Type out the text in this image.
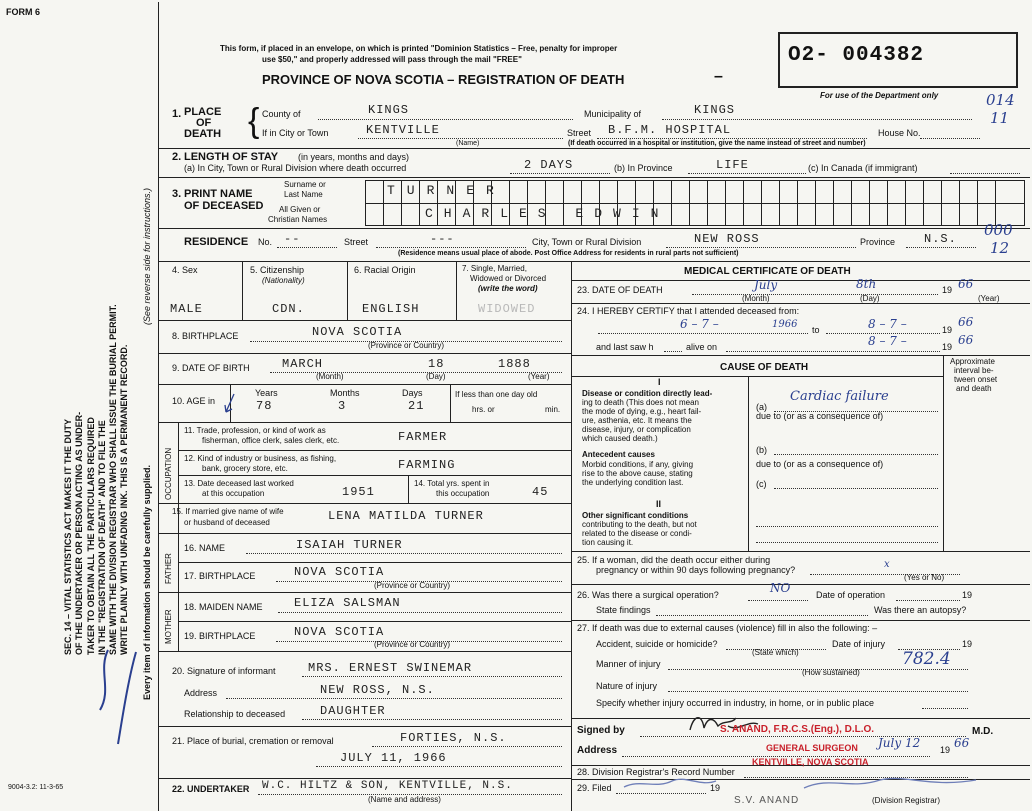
O2- 004382
FORM 6
SEC. 14 – VITAL STATISTICS ACT MAKES IT THE DUTY OF THE UNDERTAKER OR PERSON ACTING AS UNDER- TAKER TO OBTAIN ALL THE PARTICULARS REQUIRED IN THE "REGISTRATION OF DEATH" AND TO FILE THE SAME WITH THE DIVISION REGISTRAR WHO SHALL ISSUE THE BURIAL PERMIT. WRITE PLAINLY WITH UNFADING INK. THIS IS A PERMANENT RECORD.
(See reverse side for instructions.)
Every item of information should be carefully supplied.
9004-3.2: 11-3-65
This form, if placed in an envelope, on which is printed "Dominion Statistics – Free, penalty for improper
use $50," and properly addressed will pass through the mail "FREE"
PROVINCE OF NOVA SCOTIA – REGISTRATION OF DEATH
For use of the Department only	014
11
000
12
1. PLACE
OF
DEATH { County of	KINGS	Municipality of	KINGS
If in City or Town	KENTVILLE
(Name)
Street B.F.M. HOSPITAL	House No.
(If death occurred in a hospital or institution, give the name instead of street and number)
2. LENGTH OF STAY (in years, months and days)
(a) In City, Town or Rural Division where death occurred	2 DAYS	(b) In Province	LIFE	(c) In Canada (if immigrant)
3. PRINT NAME
OF DECEASED
Surname or
Last Name
All Given or
Christian Names
TURNER
CHARLES EDWIN
RESIDENCE No. --	Street	---	City, Town or Rural Division	NEW ROSS	Province N.S.
(Residence means usual place of abode. Post Office Address for residents in rural parts not sufficient)
4. Sex
MALE
5. Citizenship
(Nationality)
CDN.
6. Racial Origin
ENGLISH
7. Single, Married,
Widowed or Divorced
(write the word)
WIDOWED
8. BIRTHPLACE	NOVA SCOTIA
(Province or Country)
9. DATE OF BIRTH	MARCH	18	1888
(Month)	(Day)	(Year)
10. AGE in
Years	Months	Days
78	3	21
If less than one day old
hrs. or	min.
OCCUPATION
11. Trade, profession, or kind of work as
fisherman, office clerk, sales clerk, etc.	FARMER
12. Kind of industry or business, as fishing,
bank, grocery store, etc.	FARMING
13. Date deceased last worked
at this occupation	1951
14. Total yrs. spent in
this occupation	45
15. If married give name of wife
or husband of deceased	LENA MATILDA TURNER
FATHER
16. NAME	ISAIAH TURNER
17. BIRTHPLACE	NOVA SCOTIA
(Province or Country)
MOTHER
18. MAIDEN NAME	ELIZA SALSMAN
19. BIRTHPLACE	NOVA SCOTIA
(Province or Country)
20. Signature of informant	MRS. ERNEST SWINEMAR
Address	NEW ROSS, N.S.
Relationship to deceased	DAUGHTER
21. Place of burial, cremation or removal	FORTIES, N.S.
JULY 11, 1966
22. UNDERTAKER W.C. HILTZ & SON, KENTVILLE, N.S.
(Name and address)
MEDICAL CERTIFICATE OF DEATH
23. DATE OF DEATH	July	8th	19 66
(Month)	(Day)	(Year)
24. I HEREBY CERTIFY that I attended deceased from:
6 – 7 –	1966 to	8 – 7 –	19
66
and last saw h	alive on	8 – 7 –	19 66
CAUSE OF DEATH
Approximate
interval be-
tween onset
and death
I
Disease or condition directly lead-
ing to death (This does not mean
the mode of dying, e.g., heart fail-
ure, asthenia, etc. It means the
disease, injury, or complication
which caused death.)
(a)
Cardiac failure
due to (or as a consequence of)
Antecedent causes
Morbid conditions, if any, giving
rise to the above cause, stating
the underlying condition last.
(b)
due to (or as a consequence of)
(c)
II
Other significant conditions
contributing to the death, but not
related to the disease or condi-
tion causing it.
25. If a woman, did the death occur either during
pregnancy or within 90 days following pregnancy?	x
(Yes or No)
26. Was there a surgical operation?	NO	Date of operation	19
State findings	Was there an autopsy?
27. If death was due to external causes (violence) fill in also the following: –
Accident, suicide or homicide?
(State which)
Date of injury	19
Manner of injury
(How sustained)
782.4
Nature of injury
Specify whether injury occurred in industry, in home, or in public place
Signed by	M.D.
S. ANAND, F.R.C.S.(Eng.), D.L.O.
GENERAL SURGEON
KENTVILLE, NOVA SCOTIA
Address
July 12 19 66
28. Division Registrar's Record Number
29. Filed	19
S.V. ANAND	(Division Registrar)
–
